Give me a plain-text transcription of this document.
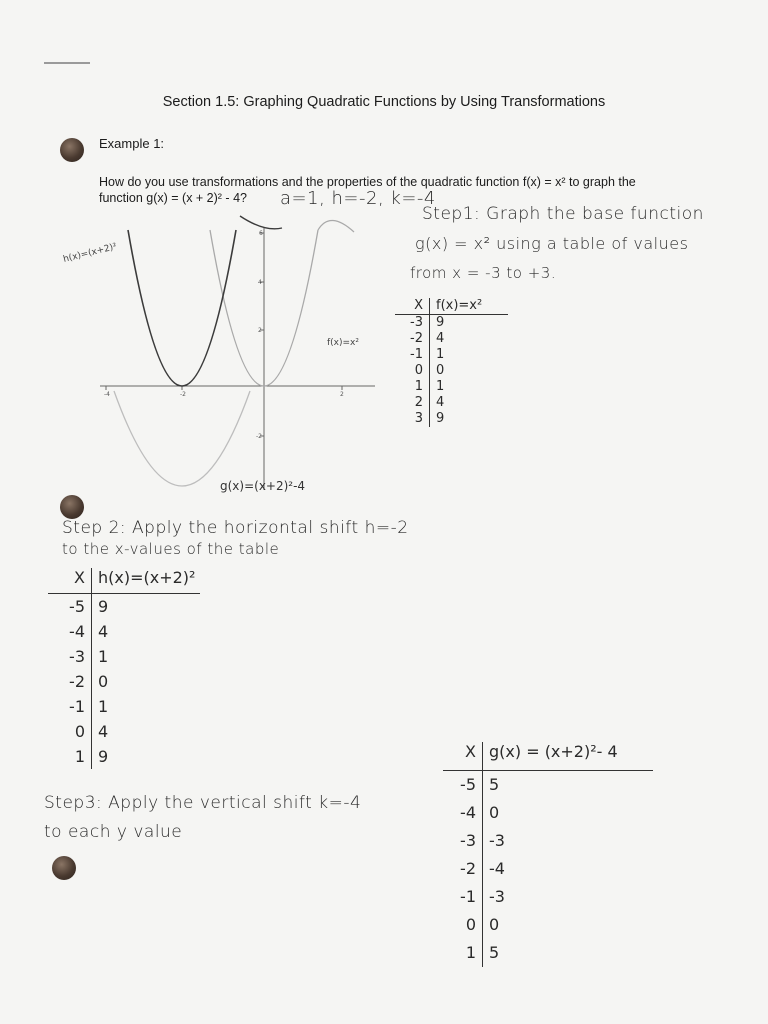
Section 1.5: Graphing Quadratic Functions by Using Transformations
Example 1:
How do you use transformations and the properties of the quadratic function f(x) = x² to graph the
function g(x) = (x + 2)² - 4? a=1, h=-2, k=-4
Step1: Graph the base function
g(x) = x² using a table of values
from x = -3 to +3.
-4	-2	2
4
2
-2
6
h(x)=(x+2)²
f(x)=x²
g(x)=(x+2)²-4
X	f(x)=x²
-3	9
-2	4
-1	1
0	0
1	1
2	4
3	9
Step 2: Apply the horizontal shift h=-2
to the x-values of the table
X h(x)=(x+2)²
-5 9
-4 4
-3 1
-2 0
-1 1
0 4
1 9
Step3: Apply the vertical shift k=-4
to each y value
X g(x) = (x+2)²- 4
-5 5
-4 0
-3 -3
-2 -4
-1 -3
0 0
1 5
